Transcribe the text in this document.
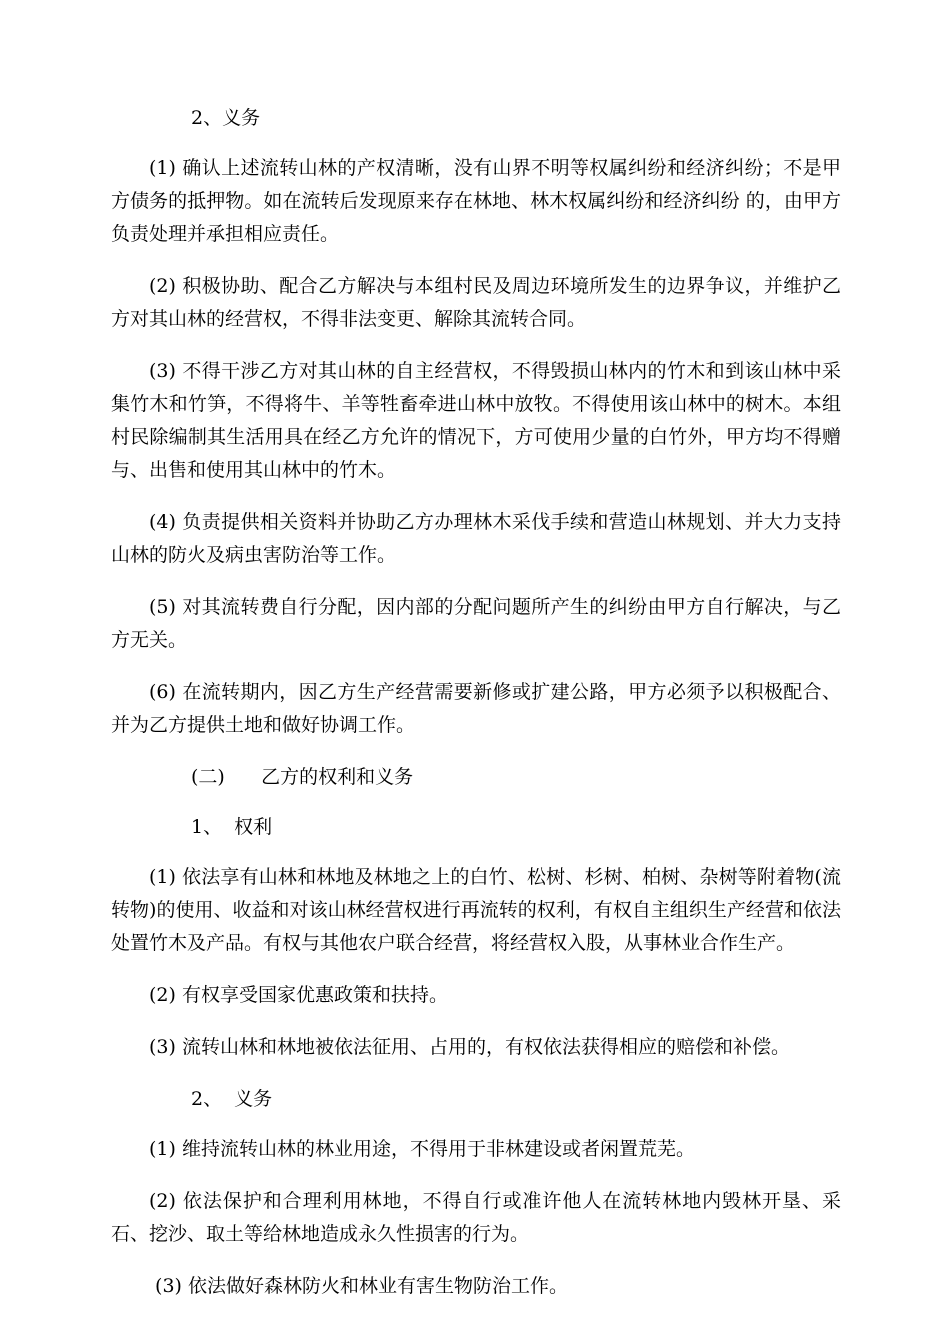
2、义务

(1) 确认上述流转山林的产权清晰，没有山界不明等权属纠纷和经济纠纷；不是甲方债务的抵押物。如在流转后发现原来存在林地、林木权属纠纷和经济纠纷 的，由甲方负责处理并承担相应责任。

(2) 积极协助、配合乙方解决与本组村民及周边环境所发生的边界争议，并维护乙方对其山林的经营权，不得非法变更、解除其流转合同。

(3) 不得干涉乙方对其山林的自主经营权，不得毁损山林内的竹木和到该山林中采集竹木和竹笋，不得将牛、羊等牲畜牵进山林中放牧。不得使用该山林中的树木。本组村民除编制其生活用具在经乙方允许的情况下，方可使用少量的白竹外，甲方均不得赠与、出售和使用其山林中的竹木。

(4) 负责提供相关资料并协助乙方办理林木采伐手续和营造山林规划、并大力支持山林的防火及病虫害防治等工作。

(5) 对其流转费自行分配，因内部的分配问题所产生的纠纷由甲方自行解决，与乙方无关。

(6) 在流转期内，因乙方生产经营需要新修或扩建公路，甲方必须予以积极配合、并为乙方提供土地和做好协调工作。

(二)      乙方的权利和义务

1、  权利

(1) 依法享有山林和林地及林地之上的白竹、松树、杉树、柏树、杂树等附着物(流转物)的使用、收益和对该山林经营权进行再流转的权利，有权自主组织生产经营和依法处置竹木及产品。有权与其他农户联合经营，将经营权入股，从事林业合作生产。

(2) 有权享受国家优惠政策和扶持。

(3) 流转山林和林地被依法征用、占用的，有权依法获得相应的赔偿和补偿。

2、  义务

(1) 维持流转山林的林业用途，不得用于非林建设或者闲置荒芜。

(2) 依法保护和合理利用林地，不得自行或准许他人在流转林地内毁林开垦、采石、挖沙、取土等给林地造成永久性损害的行为。

(3) 依法做好森林防火和林业有害生物防治工作。
